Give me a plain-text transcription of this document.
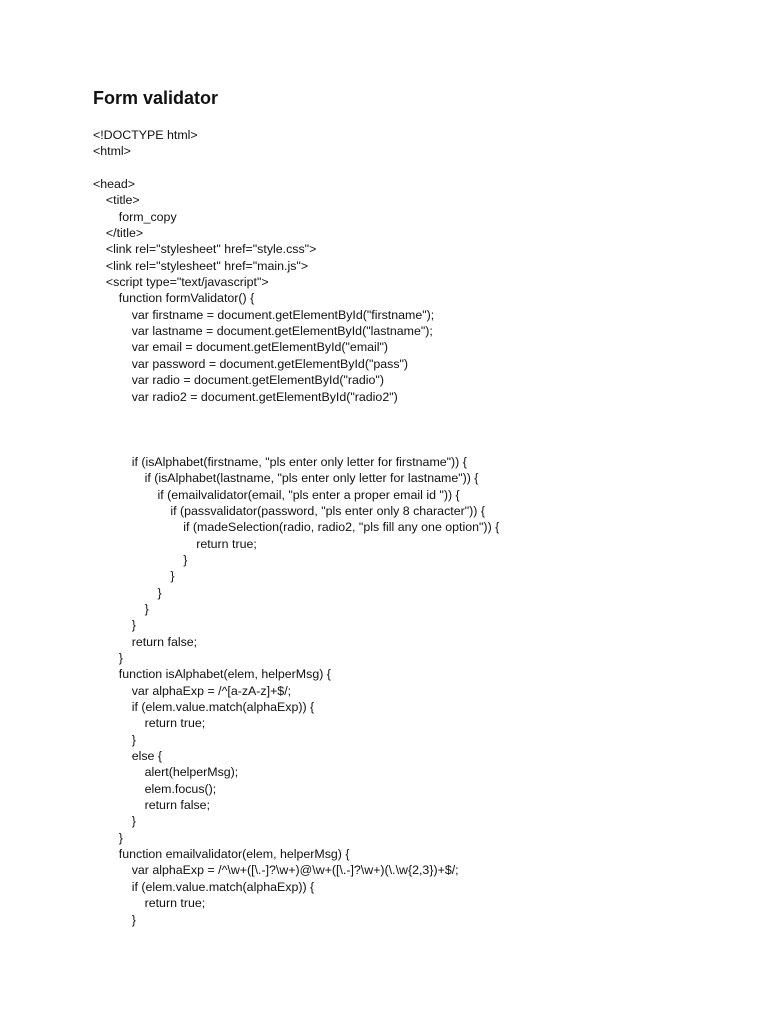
Form validator
<!DOCTYPE html>
<html>
<head>
<title>
form_copy
</title>
<link rel="stylesheet" href="style.css">
<link rel="stylesheet" href="main.js">
<script type="text/javascript">
function formValidator() {
var firstname = document.getElementById("firstname");
var lastname = document.getElementById("lastname");
var email = document.getElementById("email")
var password = document.getElementById("pass")
var radio = document.getElementById("radio")
var radio2 = document.getElementById("radio2")
if (isAlphabet(firstname, "pls enter only letter for firstname")) {
if (isAlphabet(lastname, "pls enter only letter for lastname")) {
if (emailvalidator(email, "pls enter a proper email id ")) {
if (passvalidator(password, "pls enter only 8 character")) {
if (madeSelection(radio, radio2, "pls fill any one option")) {
return true;
}
}
}
}
}
return false;
}
function isAlphabet(elem, helperMsg) {
var alphaExp = /^[a-zA-z]+$/;
if (elem.value.match(alphaExp)) {
return true;
}
else {
alert(helperMsg);
elem.focus();
return false;
}
}
function emailvalidator(elem, helperMsg) {
var alphaExp = /^\w+([\.-]?\w+)@\w+([\.-]?\w+)(\.\w{2,3})+$/;
if (elem.value.match(alphaExp)) {
return true;
}
